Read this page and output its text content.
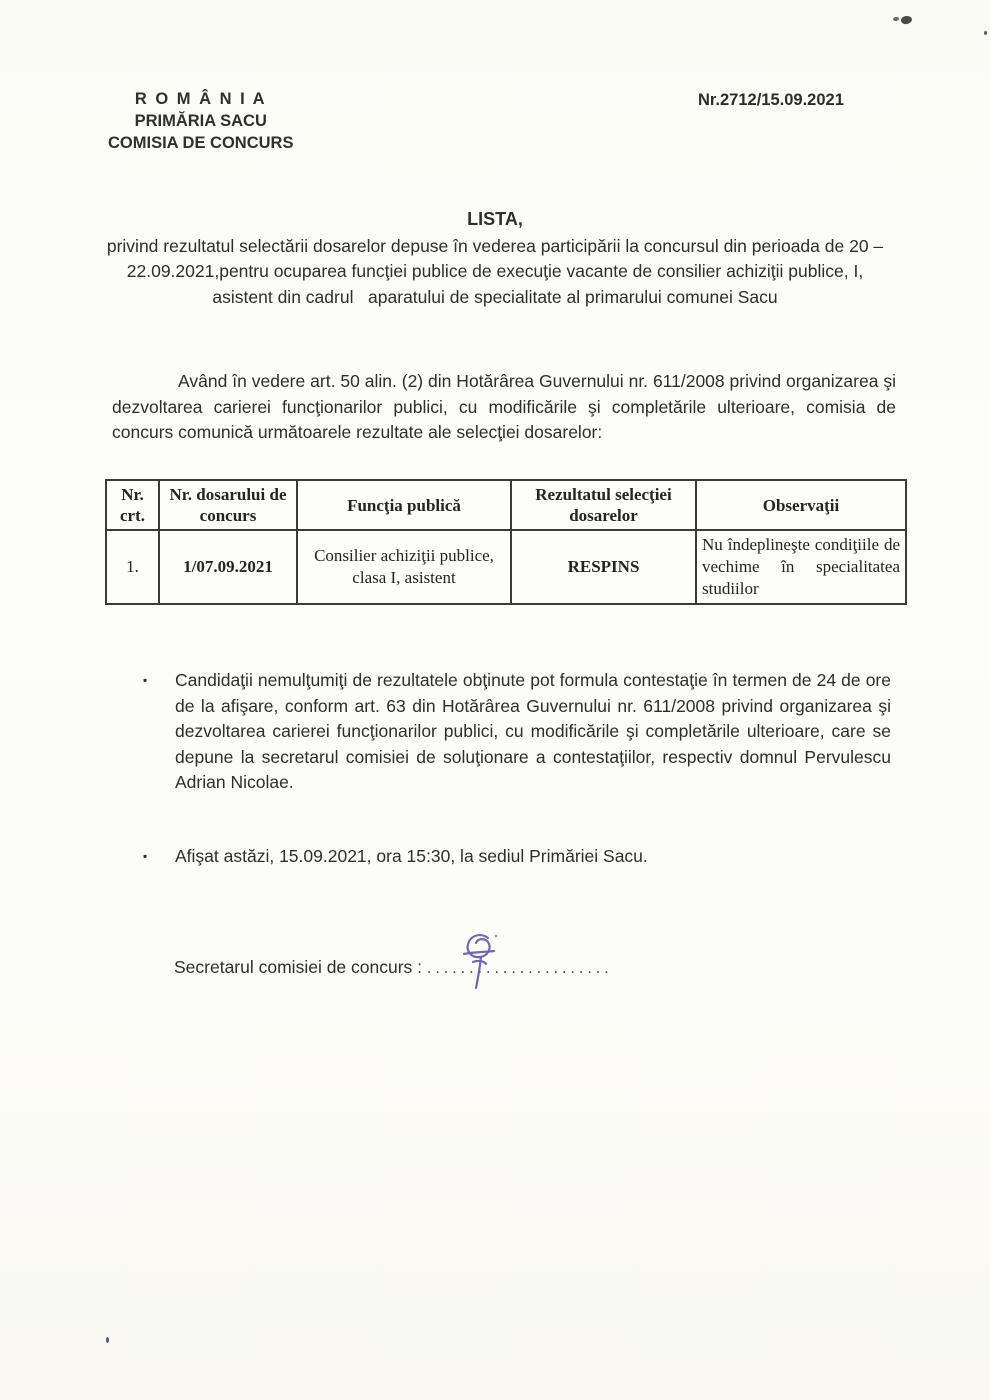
R O M Â N I A
PRIMĂRIA SACU
COMISIA DE CONCURS
Nr.2712/15.09.2021
LISTA,
privind rezultatul selectării dosarelor depuse în vederea participării la concursul din perioada de 20 – 22.09.2021,pentru ocuparea funcţiei publice de execuţie vacante de consilier achiziţii publice, I, asistent din cadrul   aparatului de specialitate al primarului comunei Sacu
Având în vedere art. 50 alin. (2) din Hotărârea Guvernului nr. 611/2008 privind organizarea şi dezvoltarea carierei funcţionarilor publici, cu modificările şi completările ulterioare, comisia de concurs comunică următoarele rezultate ale selecţiei dosarelor:
Nr. crt.	Nr. dosarului de concurs	Funcţia publică	Rezultatul selecţiei dosarelor	Observaţii
1.	1/07.09.2021	Consilier achiziţii publice, clasa I, asistent	RESPINS	Nu îndeplineşte condiţiile de vechime în specialitatea studiilor
▪	Candidaţii nemulţumiţi de rezultatele obţinute pot formula contestaţie în termen de 24 de ore de la afişare, conform art. 63 din Hotărârea Guvernului nr. 611/2008 privind organizarea şi dezvoltarea carierei funcţionarilor publici, cu modificările şi completările ulterioare, care se depune la secretarul comisiei de soluţionare a contestaţiilor, respectiv domnul Pervulescu Adrian Nicolae.
▪	Afişat astăzi, 15.09.2021, ora 15:30, la sediul Primăriei Sacu.
Secretarul comisiei de concurs : ......................
